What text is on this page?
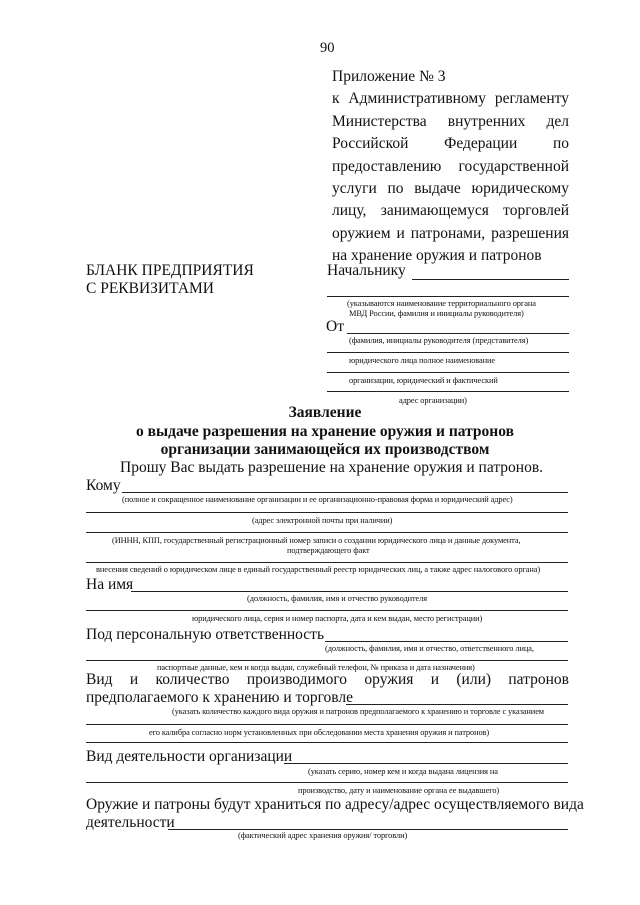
90
Приложение № 3
к Административному регламенту
Министерства внутренних дел
Российской Федерации по
предоставлению государственной
услуги по выдаче юридическому
лицу, занимающемуся торговлей
оружием и патронами, разрешения
на хранение оружия и патронов
БЛАНК ПРЕДПРИЯТИЯ
С РЕКВИЗИТАМИ
Начальнику
(указываются наименование территориального органа
МВД России, фамилия и инициалы руководителя)
От
(фамилия, инициалы руководителя (представителя)
юридического лица полное наименование
организации, юридический и фактический
адрес организации)
Заявление
о выдаче разрешения на хранение оружия и патронов
организации занимающейся их производством
Прошу Вас выдать разрешение на хранение оружия и патронов.
Кому
(полное и сокращенное наименование организации и ее организационно-правовая форма и юридический адрес)
(адрес электронной почты при наличии)
(ИННН, КПП, государственный регистрационный номер записи о создании юридического лица и данные документа,
подтверждающего факт
внесения сведений о юридическом лице в единый государственный реестр юридических лиц, а также адрес налогового органа)
На имя
(должность, фамилия, имя и отчество руководителя
юридического лица, серия и номер паспорта, дата и кем выдан, место регистрации)
Под персональную ответственность
(должность, фамилия, имя и отчество, ответственного лица,
паспортные данные, кем и когда выдан, служебный телефон, № приказа и дата назначения)
Вид и количество производимого оружия и (или) патронов
предполагаемого к хранению и торговле
(указать количество каждого вида оружия и патронов предполагаемого к хранению и торговле с указанием
его калибра согласно норм установленных при обследовании места хранения оружия и патронов)
Вид деятельности организации
(указать серию, номер кем и когда выдана лицензия на
производство, дату и наименование органа ее выдавшего)
Оружие и патроны будут храниться по адресу/адрес осуществляемого вида
деятельности
(фактический адрес хранения оружия/ торговли)
